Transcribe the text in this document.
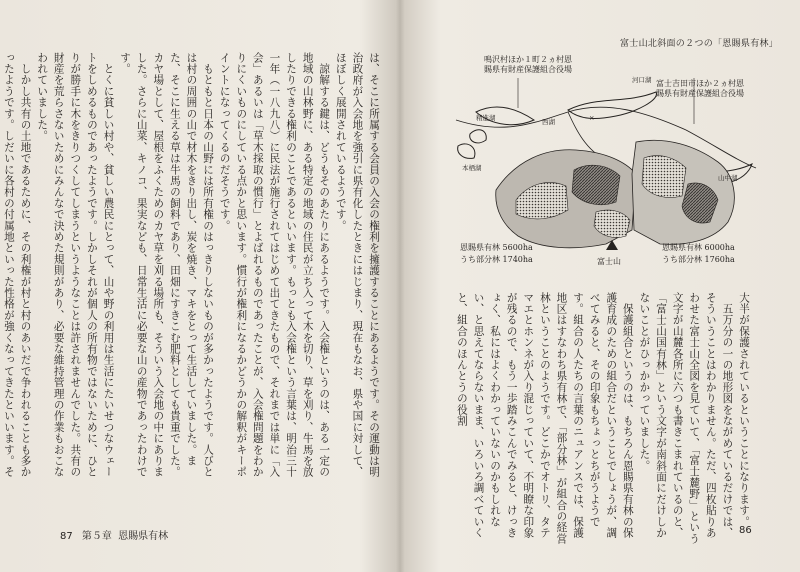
は、そこに所属する会員の入会の権利を擁護することにあるようです。その運動は明治政府が入会地を強引に県有化したときにはじまり、現在もなお、県や国に対して、ほぼしく展開されているようです。
　諒解する鍵は、どうもそのあたりにあるようです。入会権というのは、ある一定の地域の山林野に、ある特定の地域の住民が立ち入って木を切り、草を刈り、牛馬を放したりできる権利のことであるといいます。もっとも入会権という言葉は、明治三十一年（一八九八）に民法が施行されてはじめて出てきたもので、それまでは単に「入会」あるいは「草木採取の慣行」とよばれるものであったことが、入会権問題をわかりにくいものにしている点かと思います。慣行が権利になるかどうかの解釈がキーポイントになってくるのだそうです。
　もともと日本の山野には所有権のはっきりしないものが多かったようです。人びとは村の周囲の山で材木をきり出し、炭を焼き、マキをとって生活していました。また、そこに生える草は牛馬の飼料であり、田畑にすきこむ肥料としても貴重でした。カヤ場として、屋根をふくためのカヤ草を刈る場所も、そういう入会地の中にありました。さらに山菜、キノコ、果実なども、日常生活に必要な山の産物であったわけです。
　とくに貧しい村や、貧しい農民にとって、山や野の利用は生活にたいせつなウェートをしめるものであったようです。しかしそれが個人の所有物ではないために、ひとりが勝手に木をきりつくしてしまうというようなことは許されませんでした。共有の財産を荒らさないためにみんなで決めた規則があり、必要な維持管理の作業もおこなわれていました。
　しかし共有の土地であるために、その利権が村と村のあいだで争われることも多かったようです。しだいに各村の付属地といった性格が強くなってきたといいます。そ
87 第５章 恩賜県有林
富士山北斜面の２つの「恩賜県有林」
鳴沢村ほか１町２ヵ村恩
賜県有財産保護組合役場
富士吉田市ほか２ヵ村恩
賜県有財産保護組合役場
西湖
精進湖
本栖湖
河口湖
山中湖
×
恩賜県有林 5600ha
うち部分林 1740ha
恩賜県有林 6000ha
うち部分林 1760ha
富士山
大半が保護されているということになります。
　五万分の一の地形図をながめているだけでは、そういうことはわかりません。ただ、四枚貼りあわせた富士山全図を見ていて、「富士麓野」という文字が山麓各所に六つも書きこまれているのと、「富士山国有林」という文字が南斜面にだけしかないことがひっかかっていました。
　保護組合というのは、もちろん恩賜県有林の保護育成のための組合だということでしょうが、調べてみると、その印象もちょっとちがうようです。組合の人たちの言葉のニュアンスでは、保護地区はすなわち県有林で、「部分林」が組合の経営林ということのようです。どこかでオトリ、タテマエとホンネが入り混じっていて、不明瞭な印象が残るので、もう一歩踏みこんでみると、けっきょく、私にはよくわかっていないのかもしれない、と思えてならないまま、いろいろ調べていくと、組合のほんとうの役割
86
